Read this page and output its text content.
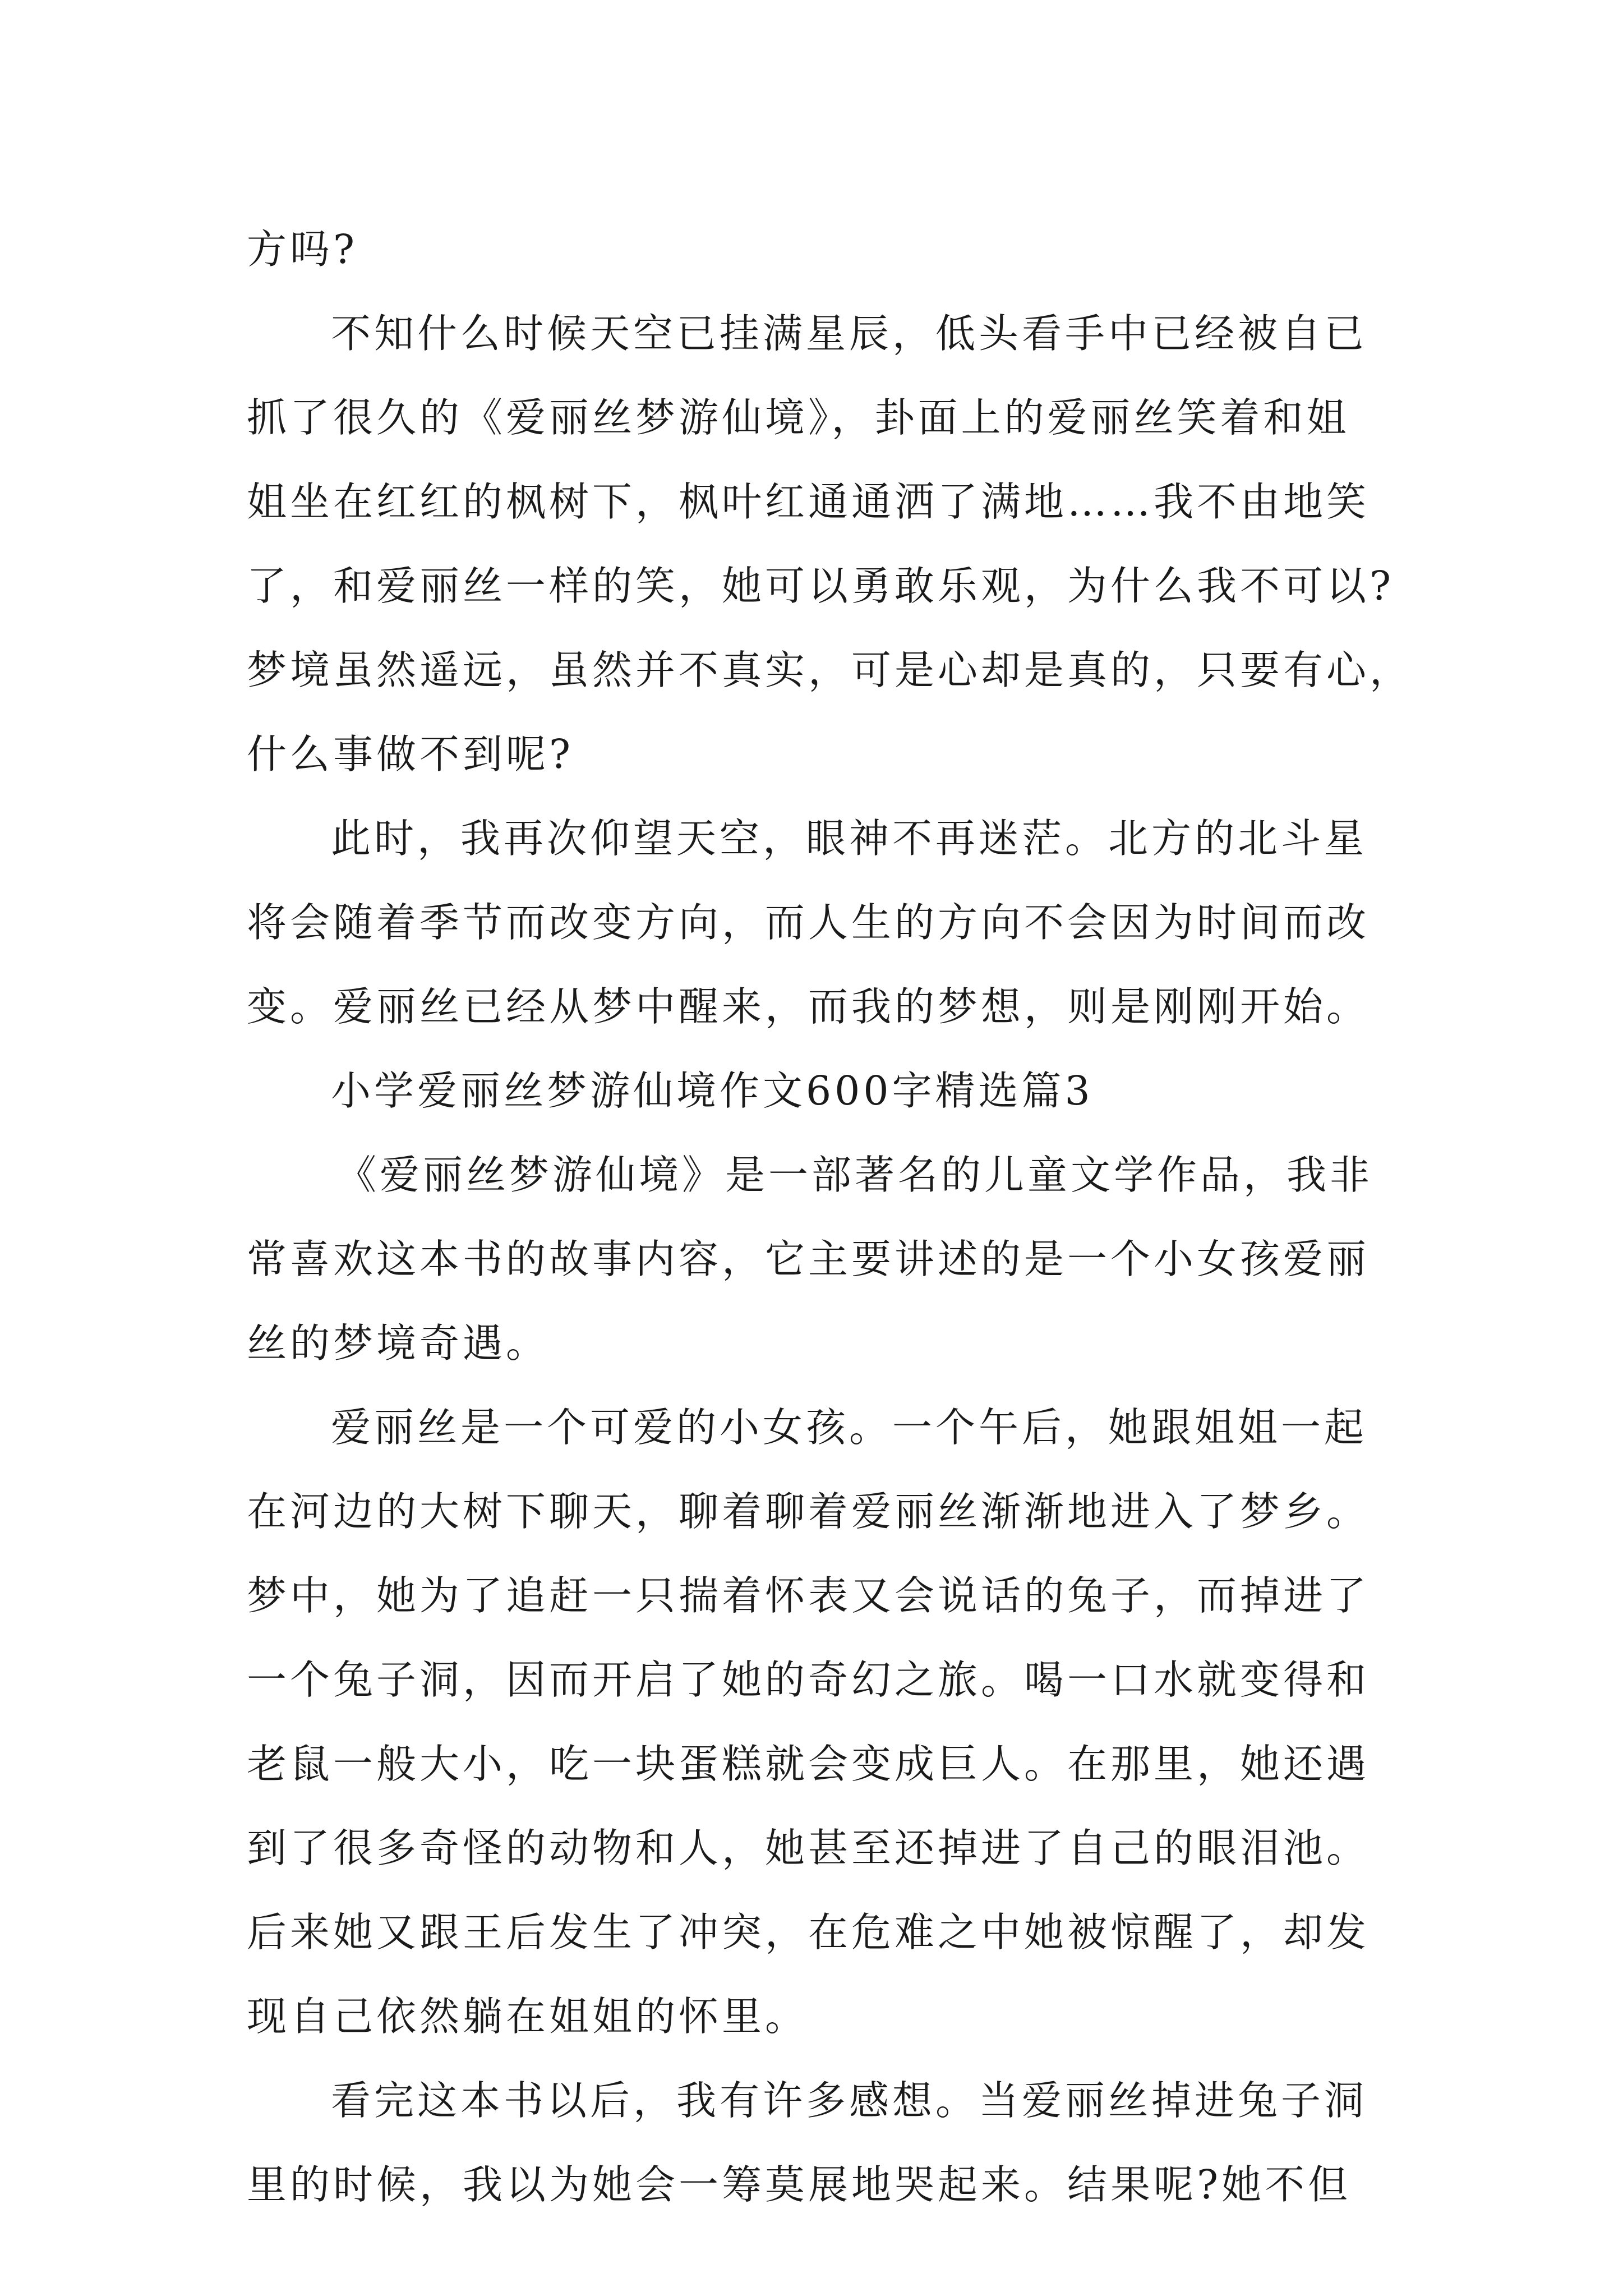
方吗?
不知什么时候天空已挂满星辰，低头看手中已经被自已
抓了很久的《爱丽丝梦游仙境》，卦面上的爱丽丝笑着和姐
姐坐在红红的枫树下，枫叶红通通洒了满地……我不由地笑
了，和爱丽丝一样的笑，她可以勇敢乐观，为什么我不可以?
梦境虽然遥远，虽然并不真实，可是心却是真的，只要有心，
什么事做不到呢?
此时，我再次仰望天空，眼神不再迷茫。北方的北斗星
将会随着季节而改变方向，而人生的方向不会因为时间而改
变。爱丽丝已经从梦中醒来，而我的梦想，则是刚刚开始。
小学爱丽丝梦游仙境作文600字精选篇3
《爱丽丝梦游仙境》是一部著名的儿童文学作品，我非
常喜欢这本书的故事内容，它主要讲述的是一个小女孩爱丽
丝的梦境奇遇。
爱丽丝是一个可爱的小女孩。一个午后，她跟姐姐一起
在河边的大树下聊天，聊着聊着爱丽丝渐渐地进入了梦乡。
梦中，她为了追赶一只揣着怀表又会说话的兔子，而掉进了
一个兔子洞，因而开启了她的奇幻之旅。喝一口水就变得和
老鼠一般大小，吃一块蛋糕就会变成巨人。在那里，她还遇
到了很多奇怪的动物和人，她甚至还掉进了自己的眼泪池。
后来她又跟王后发生了冲突，在危难之中她被惊醒了，却发
现自己依然躺在姐姐的怀里。
看完这本书以后，我有许多感想。当爱丽丝掉进兔子洞
里的时候，我以为她会一筹莫展地哭起来。结果呢?她不但
